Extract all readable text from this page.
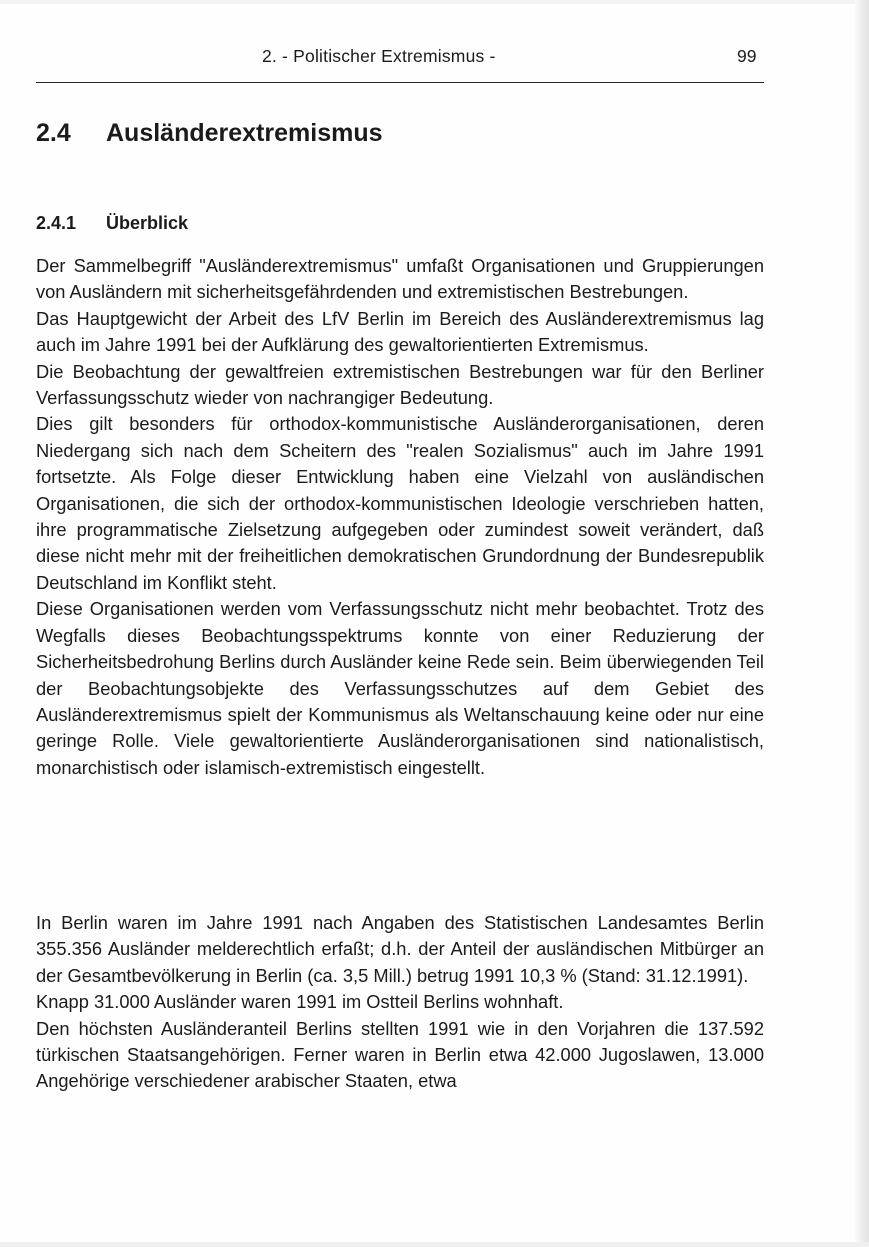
2. - Politischer Extremismus -	99
2.4 Ausländerextremismus
2.4.1 Überblick

Der Sammelbegriff "Ausländerextremismus" umfaßt Organisationen und Gruppierungen von Ausländern mit sicherheitsgefährdenden und extremistischen Bestrebungen.

Das Hauptgewicht der Arbeit des LfV Berlin im Bereich des Ausländerextremismus lag auch im Jahre 1991 bei der Aufklärung des gewaltorientierten Extremismus.

Die Beobachtung der gewaltfreien extremistischen Bestrebungen war für den Berliner Verfassungsschutz wieder von nachrangiger Bedeutung.

Dies gilt besonders für orthodox-kommunistische Ausländerorganisationen, deren Niedergang sich nach dem Scheitern des "realen Sozialismus" auch im Jahre 1991 fortsetzte. Als Folge dieser Entwicklung haben eine Vielzahl von ausländischen Organisationen, die sich der orthodox-kommunistischen Ideologie verschrieben hatten, ihre programmatische Zielsetzung aufgegeben oder zumindest soweit verändert, daß diese nicht mehr mit der freiheitlichen demokratischen Grundordnung der Bundesrepublik Deutschland im Konflikt steht.

Diese Organisationen werden vom Verfassungsschutz nicht mehr beobachtet. Trotz des Wegfalls dieses Beobachtungsspektrums konnte von einer Reduzierung der Sicherheitsbedrohung Berlins durch Ausländer keine Rede sein. Beim überwiegenden Teil der Beobachtungsobjekte des Verfassungsschutzes auf dem Gebiet des Ausländerextremismus spielt der Kommunismus als Weltanschauung keine oder nur eine geringe Rolle. Viele gewaltorientierte Ausländerorganisationen sind nationalistisch, monarchistisch oder islamisch-extremistisch eingestellt.

In Berlin waren im Jahre 1991 nach Angaben des Statistischen Landesamtes Berlin 355.356 Ausländer melderechtlich erfaßt; d.h. der Anteil der ausländischen Mitbürger an der Gesamtbevölkerung in Berlin (ca. 3,5 Mill.) betrug 1991 10,3 % (Stand: 31.12.1991).

Knapp 31.000 Ausländer waren 1991 im Ostteil Berlins wohnhaft.

Den höchsten Ausländeranteil Berlins stellten 1991 wie in den Vorjahren die 137.592 türkischen Staatsangehörigen. Ferner waren in Berlin etwa 42.000 Jugoslawen, 13.000 Angehörige verschiedener arabischer Staaten, etwa
